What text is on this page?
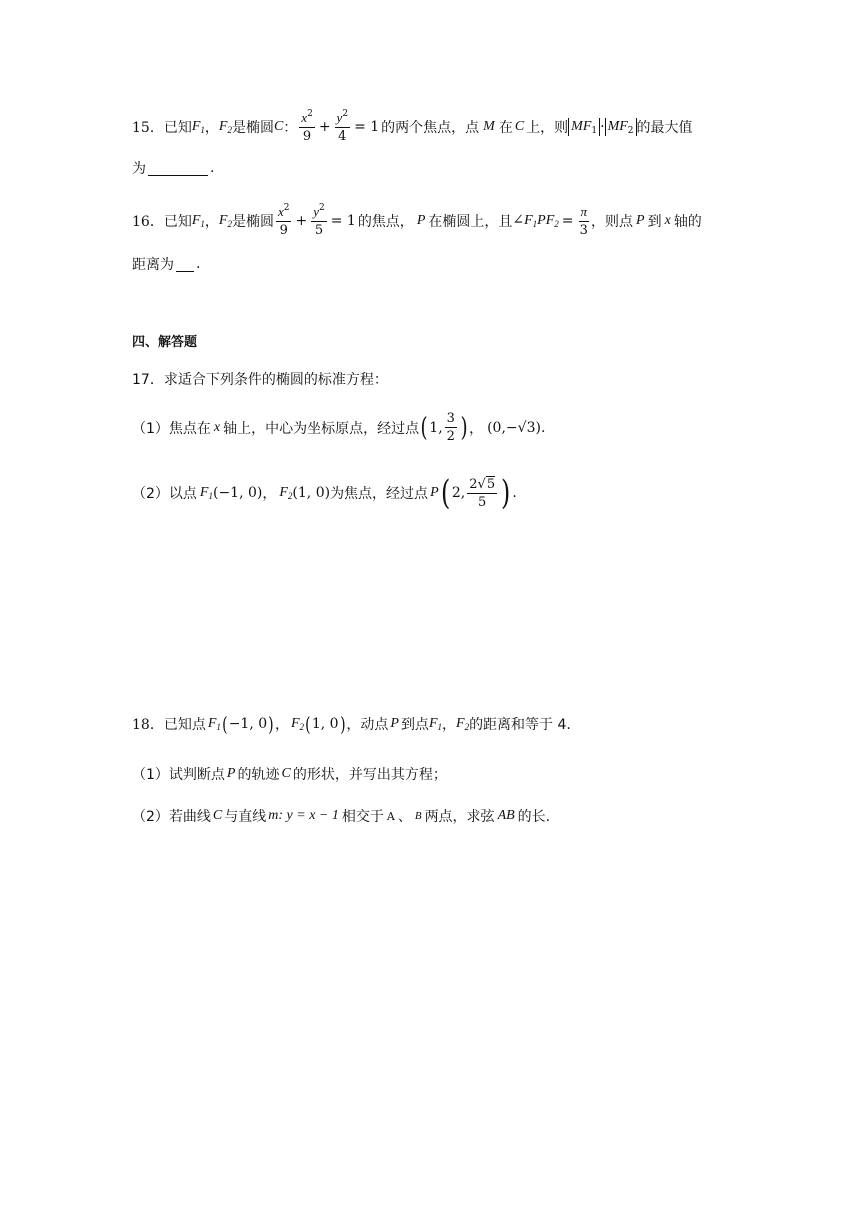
15． 已知 $F_1$ ， $F_2$ 是椭圆 C ： $\frac{x^2}{9} + \frac{y^2}{4} = 1$ 的两个焦点，点 M 在 C 上，则 $MF_1 \cdot MF_2$ 的最大值
为	.
16． 已知 $F_1$ ， $F_2$ 是椭圆 $\frac{x^2}{9} + \frac{y^2}{5} = 1$ 的焦点， P 在椭圆上，且 $\angle F_1PF_2 = \frac{\pi}{3}$ ，则点 P 到 x 轴的
距离为 .
四、解答题
17．求适合下列条件的椭圆的标准方程：
（1） 焦点在 x 轴上，中心为坐标原点，经过点 ( 1, $\frac{3}{2}$ ) ， (0,−√3) .
（2） 以点 $F_1$ (−1, 0) ， $F_2$ (1, 0) 为焦点，经过点 P ( 2, $\frac{2√5}{5}$ ) .
18． 已知点 $F_1$ ( −1, 0 ) ， $F_2$ ( 1, 0 ) ，动点 P 到点 $F_1$ ， $F_2$ 的距离和等于 4.
（1） 试判断点 P 的轨迹 C 的形状，并写出其方程；
（2） 若曲线 C 与直线 m : y = x − 1 相交于 A 、 B 两点，求弦 AB 的长.
